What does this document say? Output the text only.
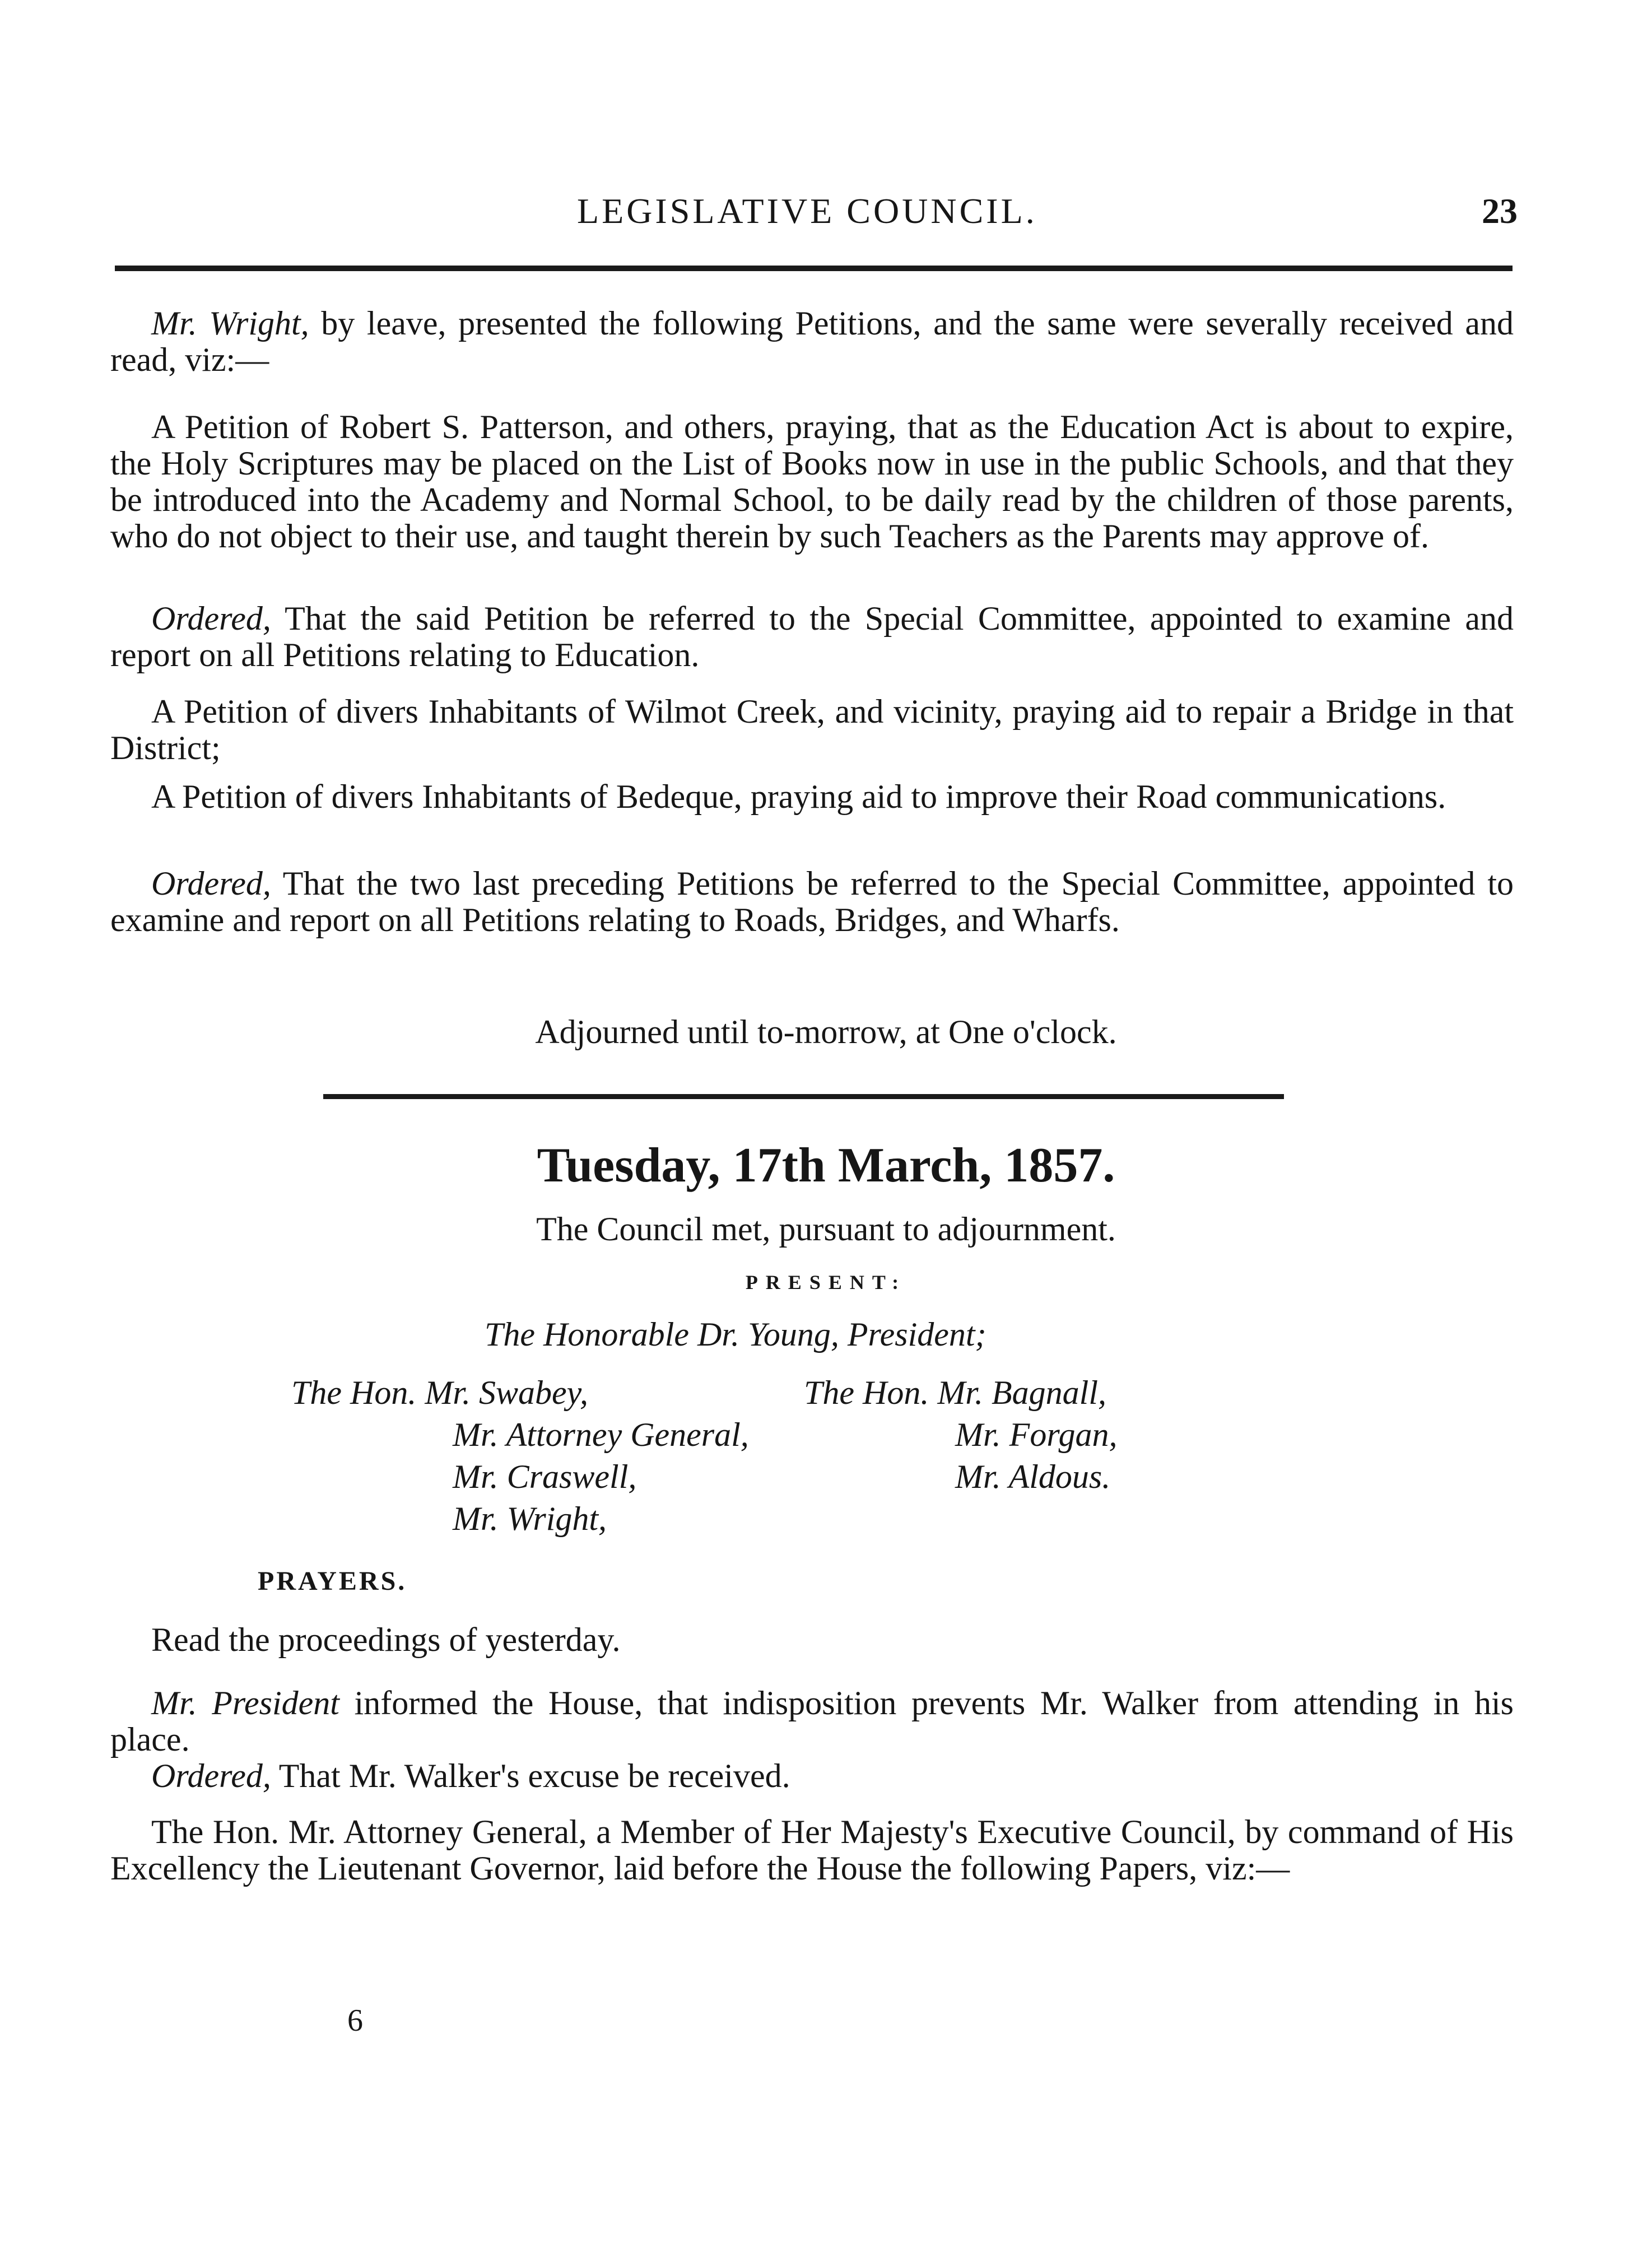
LEGISLATIVE COUNCIL.	23

Mr. Wright, by leave, presented the following Petitions, and the same were severally received and read, viz:—

A Petition of Robert S. Patterson, and others, praying, that as the Education Act is about to expire, the Holy Scriptures may be placed on the List of Books now in use in the public Schools, and that they be introduced into the Academy and Normal School, to be daily read by the children of those parents, who do not object to their use, and taught therein by such Teachers as the Parents may approve of.

Ordered, That the said Petition be referred to the Special Committee, appointed to examine and report on all Petitions relating to Education.

A Petition of divers Inhabitants of Wilmot Creek, and vicinity, praying aid to repair a Bridge in that District;

A Petition of divers Inhabitants of Bedeque, praying aid to improve their Road communications.

Ordered, That the two last preceding Petitions be referred to the Special Committee, appointed to examine and report on all Petitions relating to Roads, Bridges, and Wharfs.

Adjourned until to-morrow, at One o'clock.

Tuesday, 17th March, 1857.

The Council met, pursuant to adjournment.

PRESENT:
The Honorable Dr. Young, President;
The Hon. Mr. Swabey,
Mr. Attorney General,
Mr. Craswell,
Mr. Wright,
The Hon. Mr. Bagnall,
Mr. Forgan,
Mr. Aldous.
PRAYERS.

Read the proceedings of yesterday.

Mr. President informed the House, that indisposition prevents Mr. Walker from attending in his place.

Ordered, That Mr. Walker's excuse be received.

The Hon. Mr. Attorney General, a Member of Her Majesty's Executive Council, by command of His Excellency the Lieutenant Governor, laid before the House the following Papers, viz:—

6
